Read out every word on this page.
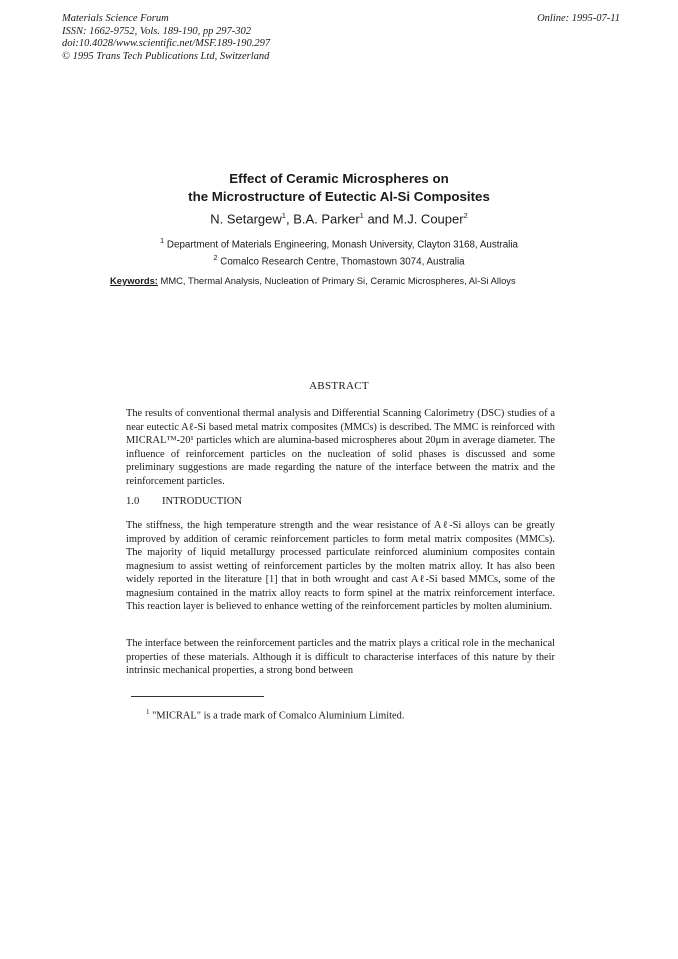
Materials Science Forum
ISSN: 1662-9752, Vols. 189-190, pp 297-302
doi:10.4028/www.scientific.net/MSF.189-190.297
© 1995 Trans Tech Publications Ltd, Switzerland
Online: 1995-07-11
Effect of Ceramic Microspheres on
the Microstructure of Eutectic Al-Si Composites
N. Setargew$^1$, B.A. Parker$^1$ and M.J. Couper$^2$
$^1$ Department of Materials Engineering, Monash University, Clayton 3168, Australia
$^2$ Comalco Research Centre, Thomastown 3074, Australia
Keywords: MMC, Thermal Analysis, Nucleation of Primary Si, Ceramic Microspheres, Al-Si Alloys
ABSTRACT
The results of conventional thermal analysis and Differential Scanning Calorimetry (DSC) studies of a near eutectic Aℓ-Si based metal matrix composites (MMCs) is described. The MMC is reinforced with MICRAL™-20¹ particles which are alumina-based microspheres about 20μm in average diameter. The influence of reinforcement particles on the nucleation of solid phases is discussed and some preliminary suggestions are made regarding the nature of the interface between the matrix and the reinforcement particles.
1.0 INTRODUCTION
The stiffness, the high temperature strength and the wear resistance of Aℓ-Si alloys can be greatly improved by addition of ceramic reinforcement particles to form metal matrix composites (MMCs). The majority of liquid metallurgy processed particulate reinforced aluminium composites contain magnesium to assist wetting of reinforcement particles by the molten matrix alloy. It has also been widely reported in the literature [1] that in both wrought and cast Aℓ-Si based MMCs, some of the magnesium contained in the matrix alloy reacts to form spinel at the matrix reinforcement interface. This reaction layer is believed to enhance wetting of the reinforcement particles by molten aluminium.
The interface between the reinforcement particles and the matrix plays a critical role in the mechanical properties of these materials. Although it is difficult to characterise interfaces of this nature by their intrinsic mechanical properties, a strong bond between
$^1$ "MICRAL" is a trade mark of Comalco Aluminium Limited.
